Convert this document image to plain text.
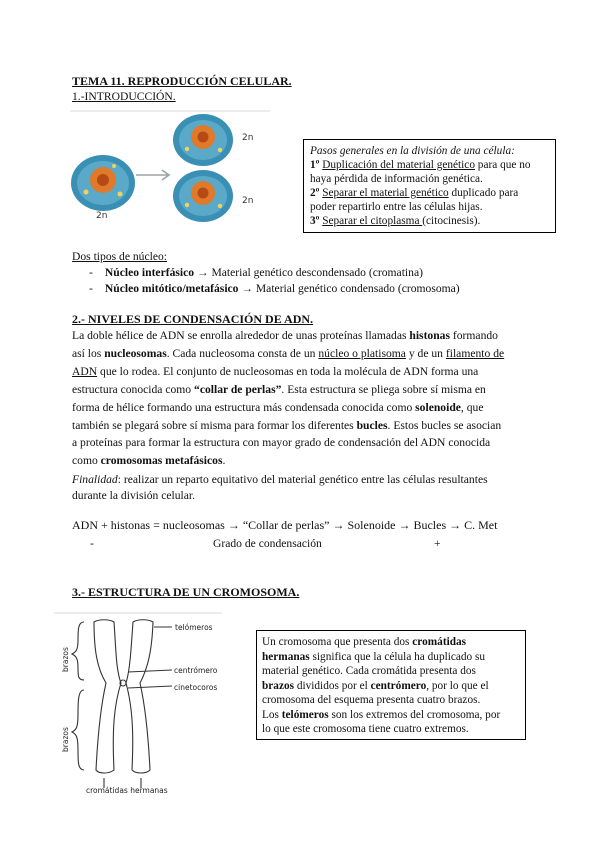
TEMA 11. REPRODUCCIÓN CELULAR.
1.-INTRODUCCIÓN.
2n
2n
2n
Pasos generales en la división de una célula:
1º Duplicación del material genético para que no
haya pérdida de información genética.
2º Separar el material genético duplicado para
poder repartirlo entre las células hijas.
3º Separar el citoplasma (citocinesis).
Dos tipos de núcleo:
- Núcleo interfásico → Material genético descondensado (cromatina)
- Núcleo mitótico/metafásico → Material genético condensado (cromosoma)
2.- NIVELES DE CONDENSACIÓN DE ADN.
La doble hélice de ADN se enrolla alrededor de unas proteínas llamadas histonas formando
así los nucleosomas. Cada nucleosoma consta de un núcleo o platisoma y de un filamento de
ADN que lo rodea. El conjunto de nucleosomas en toda la molécula de ADN forma una
estructura conocida como “collar de perlas”. Esta estructura se pliega sobre sí misma en
forma de hélice formando una estructura más condensada conocida como solenoide, que
también se plegará sobre sí misma para formar los diferentes bucles. Estos bucles se asocian
a proteínas para formar la estructura con mayor grado de condensación del ADN conocida
como cromosomas metafásicos.
Finalidad: realizar un reparto equitativo del material genético entre las células resultantes
durante la división celular.
ADN + histonas = nucleosomas → “Collar de perlas” → Solenoide → Bucles → C. Met
-	Grado de condensación	+
3.- ESTRUCTURA DE UN CROMOSOMA.
telómeros
centrómero
cinetocoros
brazos
brazos
cromátidas hermanas
Un cromosoma que presenta dos cromátidas
hermanas significa que la célula ha duplicado su
material genético. Cada cromátida presenta dos
brazos divididos por el centrómero, por lo que el
cromosoma del esquema presenta cuatro brazos.
Los telómeros son los extremos del cromosoma, por
lo que este cromosoma tiene cuatro extremos.
